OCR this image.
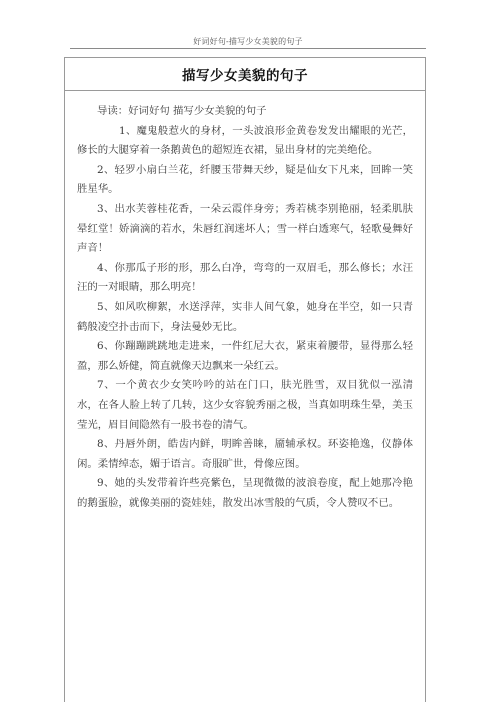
好词好句-描写少女美貌的句子
描写少女美貌的句子

导读：好词好句 描写少女美貌的句子

1、魔鬼般惹火的身材，一头波浪形金黄卷发发出耀眼的光芒，修长的大腿穿着一条鹅黄色的超短连衣裙，显出身材的完美绝伦。

2、轻罗小扇白兰花，纤腰玉带舞天纱，疑是仙女下凡来，回眸一笑胜星华。

3、出水芙蓉桂花香，一朵云霞伴身旁；秀若桃李别艳丽，轻柔肌肤晕红堂！娇滴滴的若水，朱唇红润迷坏人；雪一样白透寒气，轻歌曼舞好声音！

4、你那瓜子形的形，那么白净，弯弯的一双眉毛，那么修长；水汪汪的一对眼睛，那么明亮！

5、如风吹柳絮，水送浮萍，实非人间气象，她身在半空，如一只青鹤般凌空扑击而下，身法曼妙无比。

6、你蹦蹦跳跳地走进来，一件红尼大衣，紧束着腰带，显得那么轻盈，那么娇健，简直就像天边飘来一朵红云。

7、一个黄衣少女笑吟吟的站在门口，肤光胜雪，双目犹似一泓清水，在各人脸上转了几转，这少女容貌秀丽之极，当真如明珠生晕，美玉莹光，眉目间隐然有一股书卷的清气。

8、丹唇外朗，皓齿内鲜，明眸善睐，靥辅承权。环姿艳逸，仪静体闲。柔情绰态，媚于语言。奇服旷世，骨像应图。

9、她的头发带着许些亮紫色，呈现微微的波浪卷度，配上她那冷艳的鹅蛋脸，就像美丽的瓷娃娃，散发出冰雪般的气质，令人赞叹不已。
